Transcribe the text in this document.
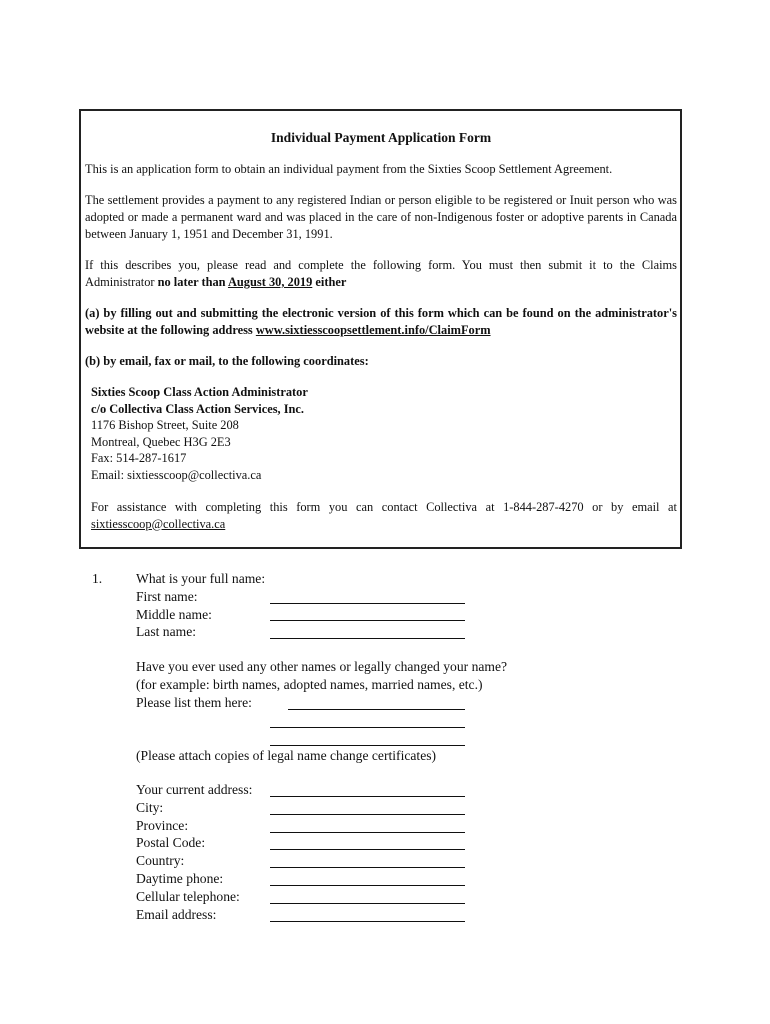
Individual Payment Application Form

This is an application form to obtain an individual payment from the Sixties Scoop Settlement Agreement.

The settlement provides a payment to any registered Indian or person eligible to be registered or Inuit person who was adopted or made a permanent ward and was placed in the care of non-Indigenous foster or adoptive parents in Canada between January 1, 1951 and December 31, 1991.

If this describes you, please read and complete the following form. You must then submit it to the Claims Administrator no later than August 30, 2019 either

(a) by filling out and submitting the electronic version of this form which can be found on the administrator's website at the following address www.sixtiesscoopsettlement.info/ClaimForm

(b) by email, fax or mail, to the following coordinates:

Sixties Scoop Class Action Administrator
c/o Collectiva Class Action Services, Inc.
1176 Bishop Street, Suite 208
Montreal, Quebec H3G 2E3
Fax: 514-287-1617
Email: sixtiesscoop@collectiva.ca

For assistance with completing this form you can contact Collectiva at 1-844-287-4270 or by email at sixtiesscoop@collectiva.ca

1. What is your full name:
First name:
Middle name:
Last name:
Have you ever used any other names or legally changed your name?
(for example: birth names, adopted names, married names, etc.)
Please list them here:
(Please attach copies of legal name change certificates)
Your current address:
City:
Province:
Postal Code:
Country:
Daytime phone:
Cellular telephone:
Email address:
